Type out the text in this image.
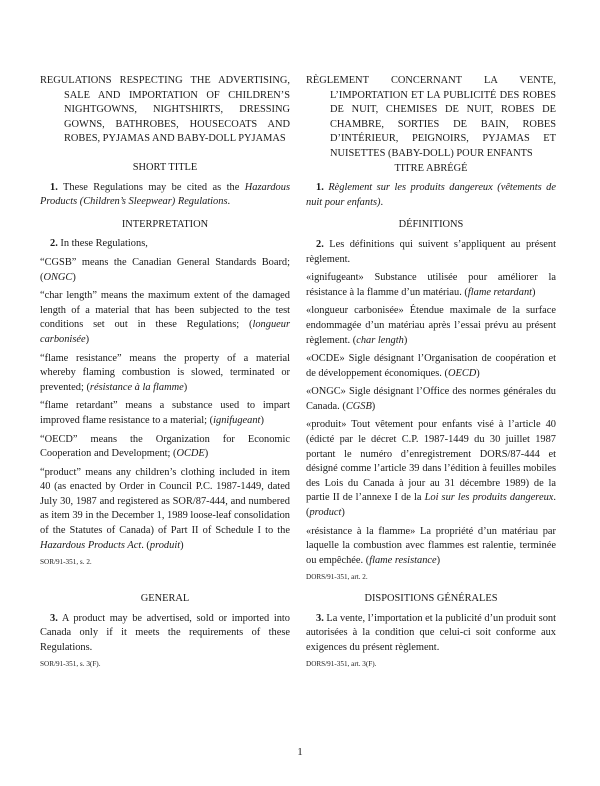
REGULATIONS RESPECTING THE ADVERTISING, SALE AND IMPORTATION OF CHILDREN’S NIGHTGOWNS, NIGHTSHIRTS, DRESSING GOWNS, BATHROBES, HOUSECOATS AND ROBES, PYJAMAS AND BABY-DOLL PYJAMAS

SHORT TITLE

1. These Regulations may be cited as the Hazardous Products (Children’s Sleepwear) Regulations.

INTERPRETATION

2. In these Regulations,

“CGSB” means the Canadian General Standards Board; (ONGC)

“char length” means the maximum extent of the damaged length of a material that has been subjected to the test conditions set out in these Regulations; (longueur carbonisée)

“flame resistance” means the property of a material whereby flaming combustion is slowed, terminated or prevented; (résistance à la flamme)

“flame retardant” means a substance used to impart improved flame resistance to a material; (ignifugeant)

“OECD” means the Organization for Economic Cooperation and Development; (OCDE)

“product” means any children’s clothing included in item 40 (as enacted by Order in Council P.C. 1987-1449, dated July 30, 1987 and registered as SOR/87-444, and numbered as item 39 in the December 1, 1989 loose-leaf consolidation of the Statutes of Canada) of Part II of Schedule I to the Hazardous Products Act. (produit)

SOR/91-351, s. 2.

RÈGLEMENT CONCERNANT LA VENTE, L’IMPORTATION ET LA PUBLICITÉ DES ROBES DE NUIT, CHEMISES DE NUIT, ROBES DE CHAMBRE, SORTIES DE BAIN, ROBES D’INTÉRIEUR, PEIGNOIRS, PYJAMAS ET NUISETTES (BABY-DOLL) POUR ENFANTS

TITRE ABRÉGÉ

1. Règlement sur les produits dangereux (vêtements de nuit pour enfants).

DÉFINITIONS

2. Les définitions qui suivent s’appliquent au présent règlement.

«ignifugeant» Substance utilisée pour améliorer la résistance à la flamme d’un matériau. (flame retardant)

«longueur carbonisée» Étendue maximale de la surface endommagée d’un matériau après l’essai prévu au présent règlement. (char length)

«OCDE» Sigle désignant l’Organisation de coopération et de développement économiques. (OECD)

«ONGC» Sigle désignant l’Office des normes générales du Canada. (CGSB)

«produit» Tout vêtement pour enfants visé à l’article 40 (édicté par le décret C.P. 1987-1449 du 30 juillet 1987 portant le numéro d’enregistrement DORS/87-444 et désigné comme l’article 39 dans l’édition à feuilles mobiles des Lois du Canada à jour au 31 décembre 1989) de la partie II de l’annexe I de la Loi sur les produits dangereux. (product)

«résistance à la flamme» La propriété d’un matériau par laquelle la combustion avec flammes est ralentie, terminée ou empêchée. (flame resistance)

DORS/91-351, art. 2.
GENERAL

3. A product may be advertised, sold or imported into Canada only if it meets the requirements of these Regulations.

SOR/91-351, s. 3(F).
DISPOSITIONS GÉNÉRALES

3. La vente, l’importation et la publicité d’un produit sont autorisées à la condition que celui-ci soit conforme aux exigences du présent règlement.

DORS/91-351, art. 3(F).
1
